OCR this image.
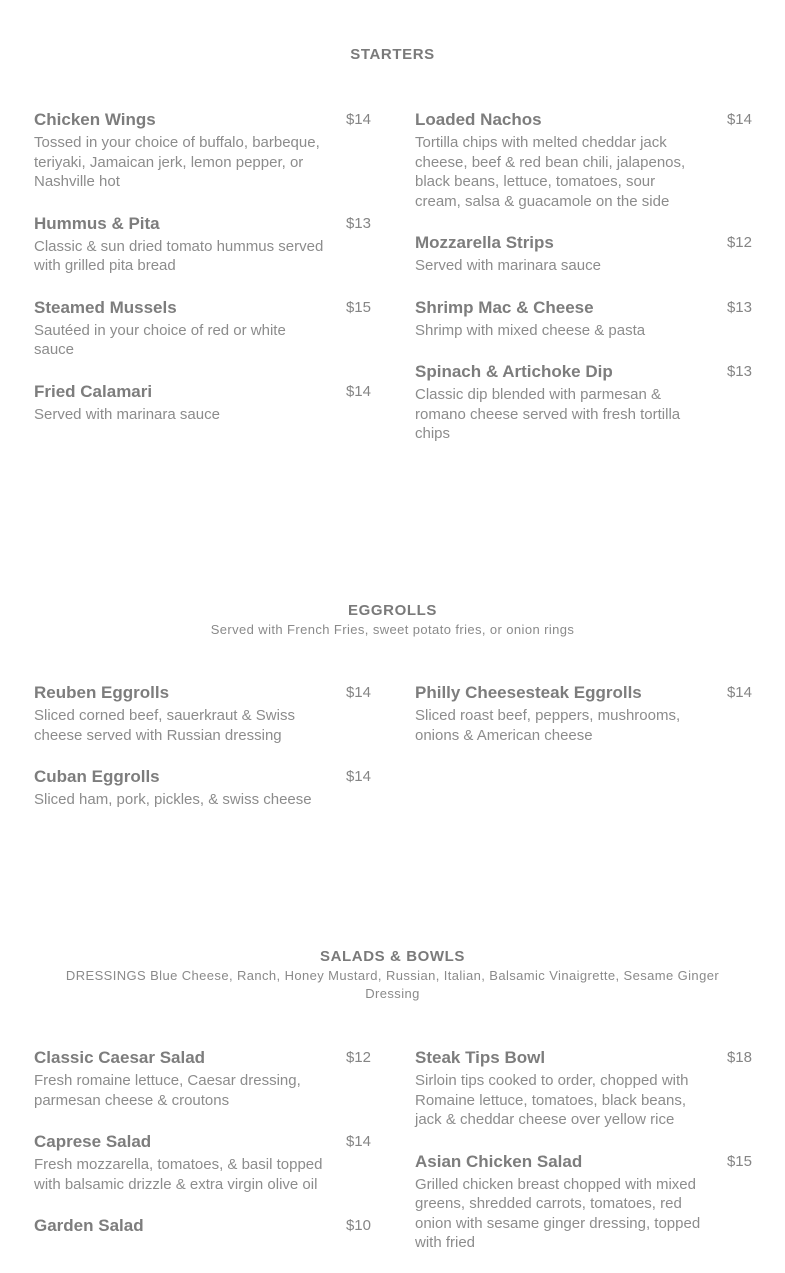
STARTERS
Chicken Wings	$14
Tossed in your choice of buffalo, barbeque, teriyaki, Jamaican jerk, lemon pepper, or Nashville hot
Hummus & Pita	$13
Classic & sun dried tomato hummus served with grilled pita bread
Steamed Mussels	$15
Sautéed in your choice of red or white sauce
Fried Calamari	$14
Served with marinara sauce
Loaded Nachos	$14
Tortilla chips with melted cheddar jack cheese, beef & red bean chili, jalapenos, black beans, lettuce, tomatoes, sour cream, salsa & guacamole on the side
Mozzarella Strips	$12
Served with marinara sauce
Shrimp Mac & Cheese	$13
Shrimp with mixed cheese & pasta
Spinach & Artichoke Dip	$13
Classic dip blended with parmesan & romano cheese served with fresh tortilla chips
EGGROLLS

Served with French Fries, sweet potato fries, or onion rings

Reuben Eggrolls	$14
Sliced corned beef, sauerkraut & Swiss cheese served with Russian dressing
Cuban Eggrolls	$14
Sliced ham, pork, pickles, & swiss cheese
Philly Cheesesteak Eggrolls	$14
Sliced roast beef, peppers, mushrooms, onions & American cheese
SALADS & BOWLS

DRESSINGS Blue Cheese, Ranch, Honey Mustard, Russian, Italian, Balsamic Vinaigrette, Sesame Ginger Dressing

Classic Caesar Salad	$12
Fresh romaine lettuce, Caesar dressing, parmesan cheese & croutons
Caprese Salad	$14
Fresh mozzarella, tomatoes, & basil topped with balsamic drizzle & extra virgin olive oil
Garden Salad	$10
Steak Tips Bowl	$18
Sirloin tips cooked to order, chopped with Romaine lettuce, tomatoes, black beans, jack & cheddar cheese over yellow rice
Asian Chicken Salad	$15
Grilled chicken breast chopped with mixed greens, shredded carrots, tomatoes, red onion with sesame ginger dressing, topped with fried
